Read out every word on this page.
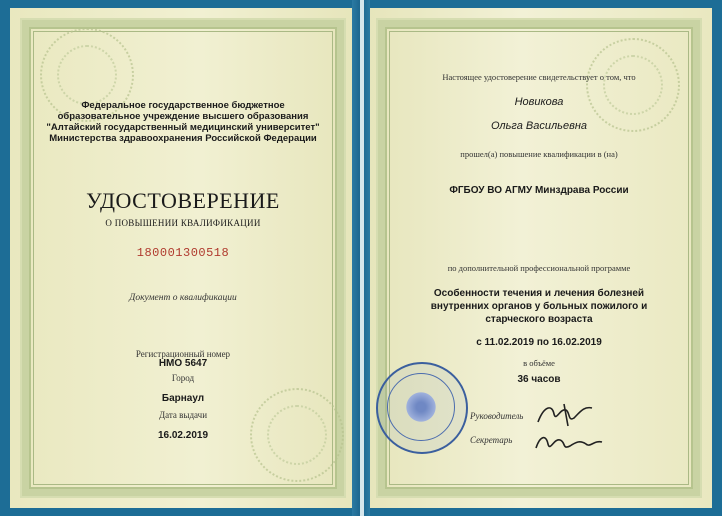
Федеральное государственное бюджетное
образовательное учреждение высшего образования
"Алтайский государственный медицинский университет"
Министерства здравоохранения Российской Федерации
УДОСТОВЕРЕНИЕ
О ПОВЫШЕНИИ КВАЛИФИКАЦИИ
180001300518
Документ о квалификации
Регистрационный номер
НМО 5647
Город
Барнаул
Дата выдачи
16.02.2019
Настоящее удостоверение свидетельствует о том, что
Новикова
Ольга Васильевна
прошел(а) повышение квалификации в (на)
ФГБОУ ВО АГМУ Минздрава России
по дополнительной профессиональной программе
Особенности течения и лечения болезней
внутренних органов у больных пожилого и
старческого возраста
с 11.02.2019 по 16.02.2019
в объёме
36 часов
Руководитель
Секретарь
